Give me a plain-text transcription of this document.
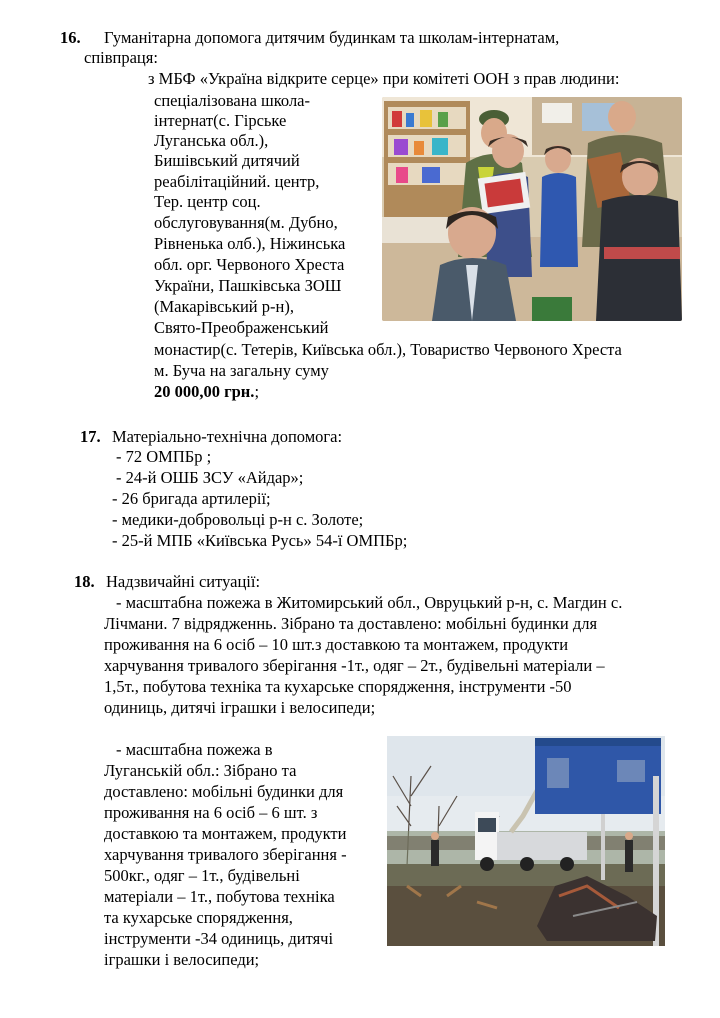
16. Гуманітарна допомога дитячим будинкам та школам-інтернатам,
співпраця:
з МБФ «Україна відкрите серце» при комітеті ООН з прав людини:
спеціалізована школа-
інтернат(с. Гірське
Луганська обл.),
Бишівський дитячий
реабілітаційний. центр,
Тер. центр соц.
обслуговування(м. Дубно,
Рівненька олб.), Ніжинська
обл. орг. Червоного Хреста
України, Пашківська ЗОШ
(Макарівський р-н),
Свято-Преображенський
монастир(с. Тетерів, Київська обл.), Товариство Червоного Хреста
м. Буча на загальну суму
20 000,00 грн.;
17. Матеріально-технічна допомога:
- 72 ОМПБр ;
- 24-й ОШБ ЗСУ «Айдар»;
- 26 бригада артилерії;
- медики-добровольці р-н с. Золоте;
- 25-й МПБ «Київська Русь» 54-ї ОМПБр;
18. Надзвичайні ситуації:
- масштабна пожежа в Житомирський обл., Овруцький р-н, с. Магдин с.
Лічмани. 7 відрядженнь. Зібрано та доставлено: мобільні будинки для
проживання на 6 осіб – 10 шт.з доставкою та монтажем, продукти
харчування тривалого зберігання -1т., одяг – 2т., будівельні матеріали –
1,5т., побутова техніка та кухарське спорядження, інструменти -50
одиниць, дитячі іграшки і велосипеди;
- масштабна пожежа в
Луганській обл.: Зібрано та
доставлено: мобільні будинки для
проживання на 6 осіб – 6 шт. з
доставкою та монтажем, продукти
харчування тривалого зберігання -
500кг., одяг – 1т., будівельні
матеріали – 1т., побутова техніка
та кухарське спорядження,
інструменти -34 одиниць, дитячі
іграшки і велосипеди;
